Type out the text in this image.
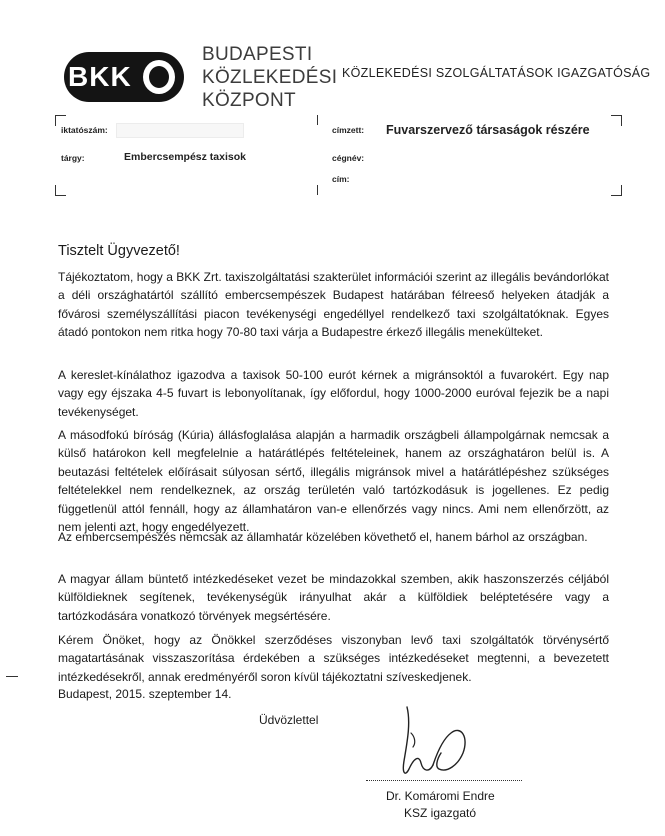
BKK
BUDAPESTI
KÖZLEKEDÉSI
KÖZPONT
KÖZLEKEDÉSI SZOLGÁLTATÁSOK IGAZGATÓSÁG
iktatószám:
tárgy:	Embercsempész taxisok
címzett: Fuvarszervező társaságok részére
cégnév:
cím:
Tisztelt Ügyvezető!

Tájékoztatom, hogy a BKK Zrt. taxiszolgáltatási szakterület információi szerint az illegális bevándorlókat a déli országhatártól szállító embercsempészek Budapest határában félreeső helyeken átadják a fővárosi személyszállítási piacon tevékenységi engedéllyel rendelkező taxi szolgáltatóknak. Egyes átadó pontokon nem ritka hogy 70-80 taxi várja a Budapestre érkező illegális menekülteket.

A kereslet-kínálathoz igazodva a taxisok 50-100 eurót kérnek a migránsoktól a fuvarokért. Egy nap vagy egy éjszaka 4-5 fuvart is lebonyolítanak, így előfordul, hogy 1000-2000 euróval fejezik be a napi tevékenységet.

A másodfokú bíróság (Kúria) állásfoglalása alapján a harmadik országbeli állampolgárnak nemcsak a külső határokon kell megfelelnie a határátlépés feltételeinek, hanem az országhatáron belül is. A beutazási feltételek előírásait súlyosan sértő, illegális migránsok mivel a határátlépéshez szükséges feltételekkel nem rendelkeznek, az ország területén való tartózkodásuk is jogellenes. Ez pedig függetlenül attól fennáll, hogy az államhatáron van-e ellenőrzés vagy nincs. Ami nem ellenőrzött, az nem jelenti azt, hogy engedélyezett.

Az embercsempészés nemcsak az államhatár közelében követhető el, hanem bárhol az országban.

A magyar állam büntető intézkedéseket vezet be mindazokkal szemben, akik haszonszerzés céljából külföldieknek segítenek, tevékenységük irányulhat akár a külföldiek beléptetésére vagy a tartózkodására vonatkozó törvények megsértésére.

Kérem Önöket, hogy az Önökkel szerződéses viszonyban levő taxi szolgáltatók törvénysértő magatartásának visszaszorítása érdekében a szükséges intézkedéseket megtenni, a bevezetett intézkedésekről, annak eredményéről soron kívül tájékoztatni szíveskedjenek.

Budapest, 2015. szeptember 14.
Üdvözlettel
Dr. Komáromi Endre
KSZ igazgató
